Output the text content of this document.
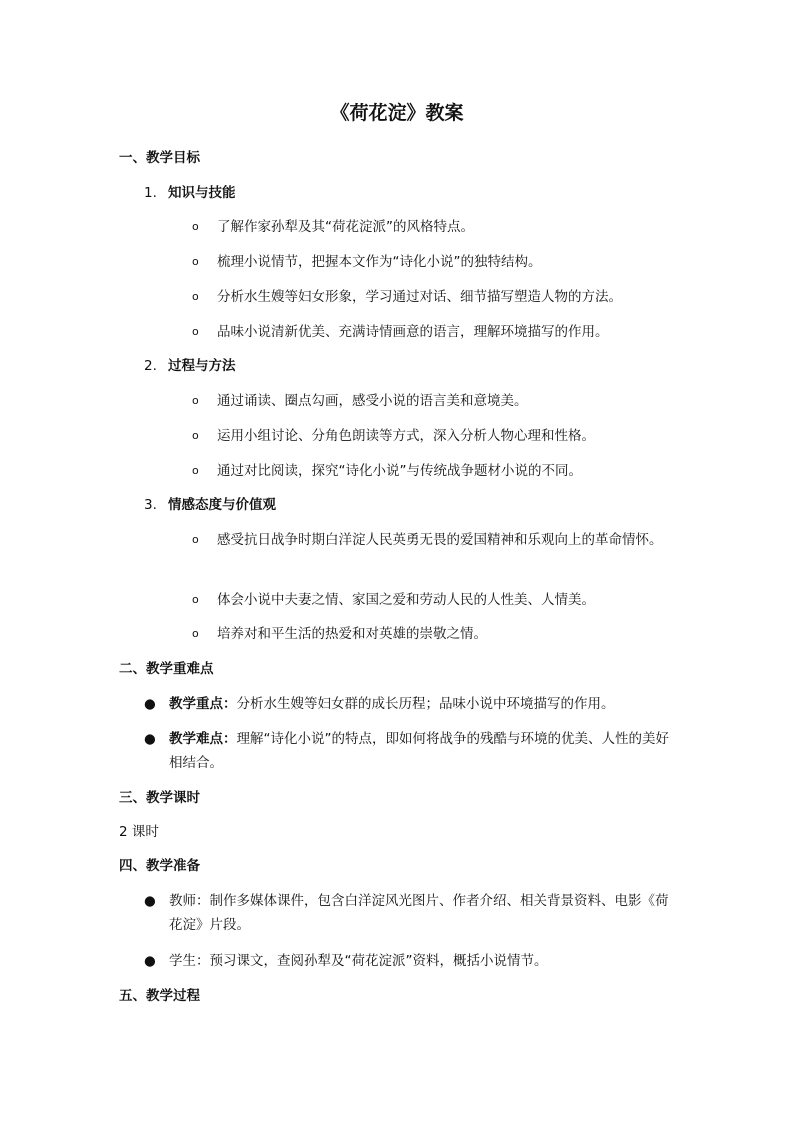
《荷花淀》教案
一、教学目标
1. 知识与技能
o	了解作家孙犁及其“荷花淀派”的风格特点。
o	梳理小说情节，把握本文作为“诗化小说”的独特结构。
o	分析水生嫂等妇女形象，学习通过对话、细节描写塑造人物的方法。
o	品味小说清新优美、充满诗情画意的语言，理解环境描写的作用。
2. 过程与方法
o	通过诵读、圈点勾画，感受小说的语言美和意境美。
o	运用小组讨论、分角色朗读等方式，深入分析人物心理和性格。
o	通过对比阅读，探究“诗化小说”与传统战争题材小说的不同。
3. 情感态度与价值观
o	感受抗日战争时期白洋淀人民英勇无畏的爱国精神和乐观向上的革命情怀。
o	体会小说中夫妻之情、家国之爱和劳动人民的人性美、人情美。
o	培养对和平生活的热爱和对英雄的崇敬之情。
二、教学重难点
● 教学重点：分析水生嫂等妇女群的成长历程；品味小说中环境描写的作用。
● 教学难点：理解“诗化小说”的特点，即如何将战争的残酷与环境的优美、人性的美好相结合。
三、教学课时
2 课时
四、教学准备
● 教师：制作多媒体课件，包含白洋淀风光图片、作者介绍、相关背景资料、电影《荷花淀》片段。
● 学生：预习课文，查阅孙犁及“荷花淀派”资料，概括小说情节。
五、教学过程
